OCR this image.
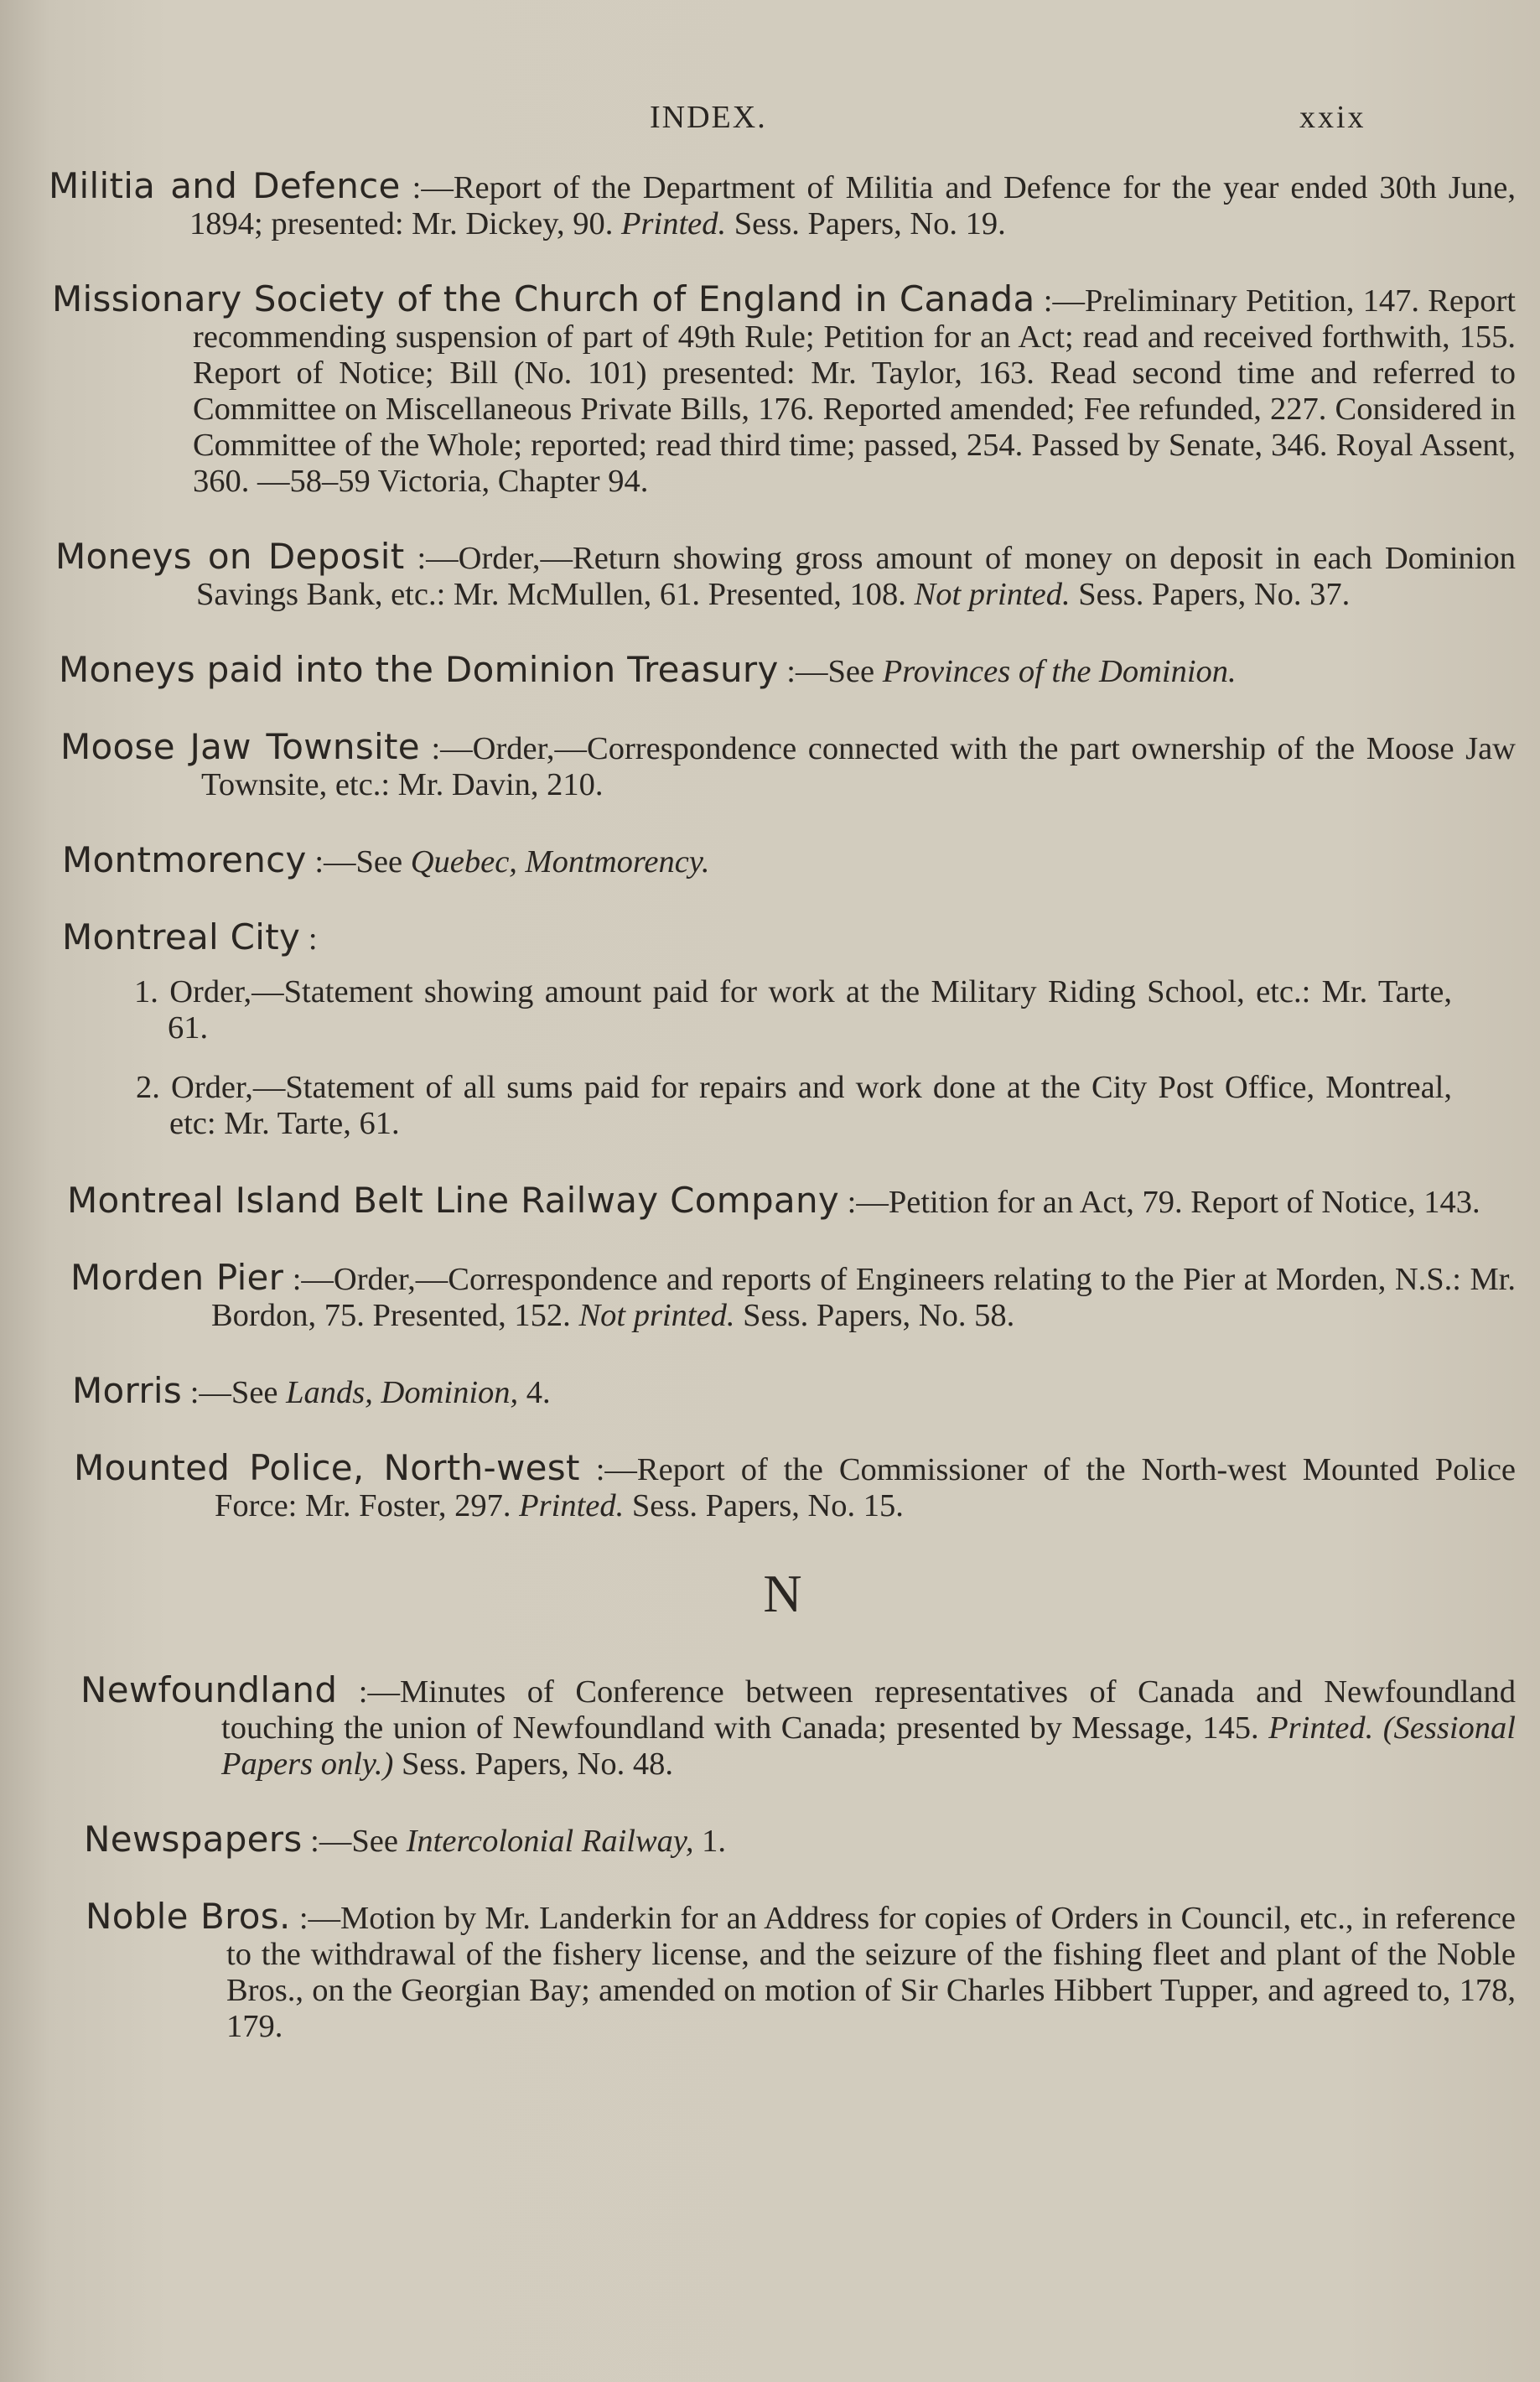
INDEX.	xxix
Militia and Defence :—Report of the Department of Militia and Defence for the year ended 30th June, 1894; presented: Mr. Dickey, 90. Printed. Sess. Papers, No. 19.
Missionary Society of the Church of England in Canada :—Preliminary Petition, 147. Report recommending suspension of part of 49th Rule; Petition for an Act; read and received forthwith, 155. Report of Notice; Bill (No. 101) presented: Mr. Taylor, 163. Read second time and referred to Committee on Miscellaneous Private Bills, 176. Reported amended; Fee refunded, 227. Considered in Committee of the Whole; reported; read third time; passed, 254. Passed by Senate, 346. Royal Assent, 360. —58–59 Victoria, Chapter 94.
Moneys on Deposit :—Order,—Return showing gross amount of money on deposit in each Dominion Savings Bank, etc.: Mr. McMullen, 61. Presented, 108. Not printed. Sess. Papers, No. 37.
Moneys paid into the Dominion Treasury :—See Provinces of the Dominion.
Moose Jaw Townsite :—Order,—Correspondence connected with the part ownership of the Moose Jaw Townsite, etc.: Mr. Davin, 210.
Montmorency :—See Quebec, Montmorency.
Montreal City :
1. Order,—Statement showing amount paid for work at the Military Riding School, etc.: Mr. Tarte, 61.
2. Order,—Statement of all sums paid for repairs and work done at the City Post Office, Montreal, etc: Mr. Tarte, 61.
Montreal Island Belt Line Railway Company :—Petition for an Act, 79. Report of Notice, 143.
Morden Pier :—Order,—Correspondence and reports of Engineers relating to the Pier at Morden, N.S.: Mr. Bordon, 75. Presented, 152. Not printed. Sess. Papers, No. 58.
Morris :—See Lands, Dominion, 4.
Mounted Police, North-west :—Report of the Commissioner of the North-west Mounted Police Force: Mr. Foster, 297. Printed. Sess. Papers, No. 15.
N
Newfoundland :—Minutes of Conference between representatives of Canada and Newfoundland touching the union of Newfoundland with Canada; presented by Message, 145. Printed. (Sessional Papers only.) Sess. Papers, No. 48.
Newspapers :—See Intercolonial Railway, 1.
Noble Bros. :—Motion by Mr. Landerkin for an Address for copies of Orders in Council, etc., in reference to the withdrawal of the fishery license, and the seizure of the fishing fleet and plant of the Noble Bros., on the Georgian Bay; amended on motion of Sir Charles Hibbert Tupper, and agreed to, 178, 179.
